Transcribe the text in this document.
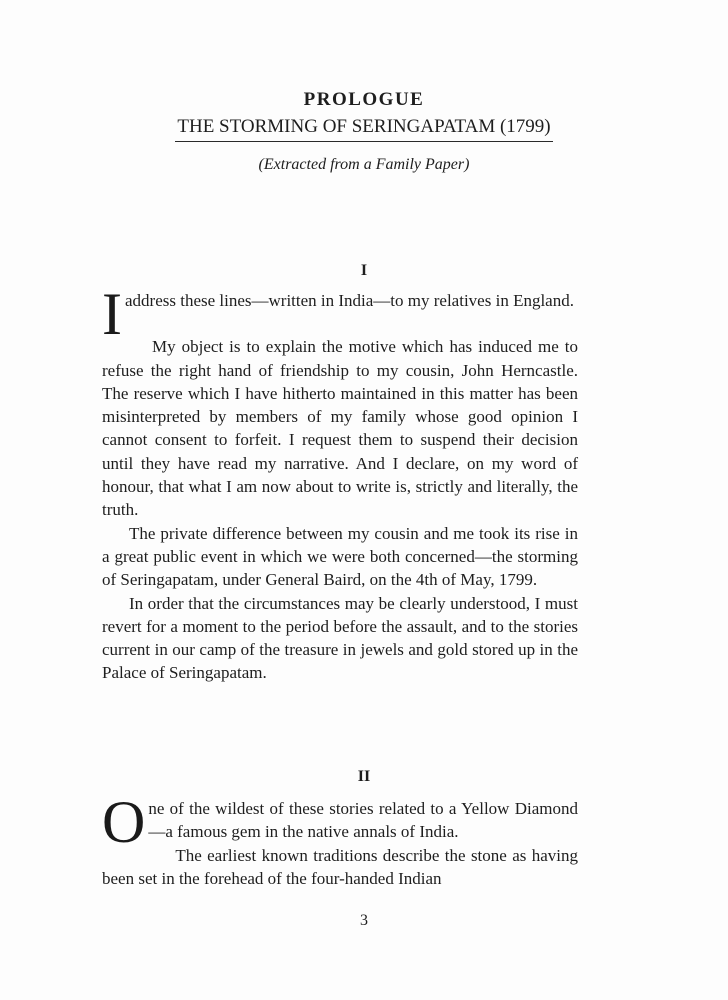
PROLOGUE
THE STORMING OF SERINGAPATAM (1799)
(Extracted from a Family Paper)
I

I address these lines—written in India—to my relatives in England.

My object is to explain the motive which has induced me to refuse the right hand of friendship to my cousin, John Herncastle. The reserve which I have hitherto maintained in this matter has been misinterpreted by members of my family whose good opinion I cannot consent to forfeit. I request them to suspend their decision until they have read my narrative. And I declare, on my word of honour, that what I am now about to write is, strictly and literally, the truth.

The private difference between my cousin and me took its rise in a great public event in which we were both concerned—the storming of Seringapatam, under General Baird, on the 4th of May, 1799.

In order that the circumstances may be clearly understood, I must revert for a moment to the period before the assault, and to the stories current in our camp of the treasure in jewels and gold stored up in the Palace of Seringapatam.

II

One of the wildest of these stories related to a Yellow Diamond—a famous gem in the native annals of India.

The earliest known traditions describe the stone as having been set in the forehead of the four-handed Indian

3
